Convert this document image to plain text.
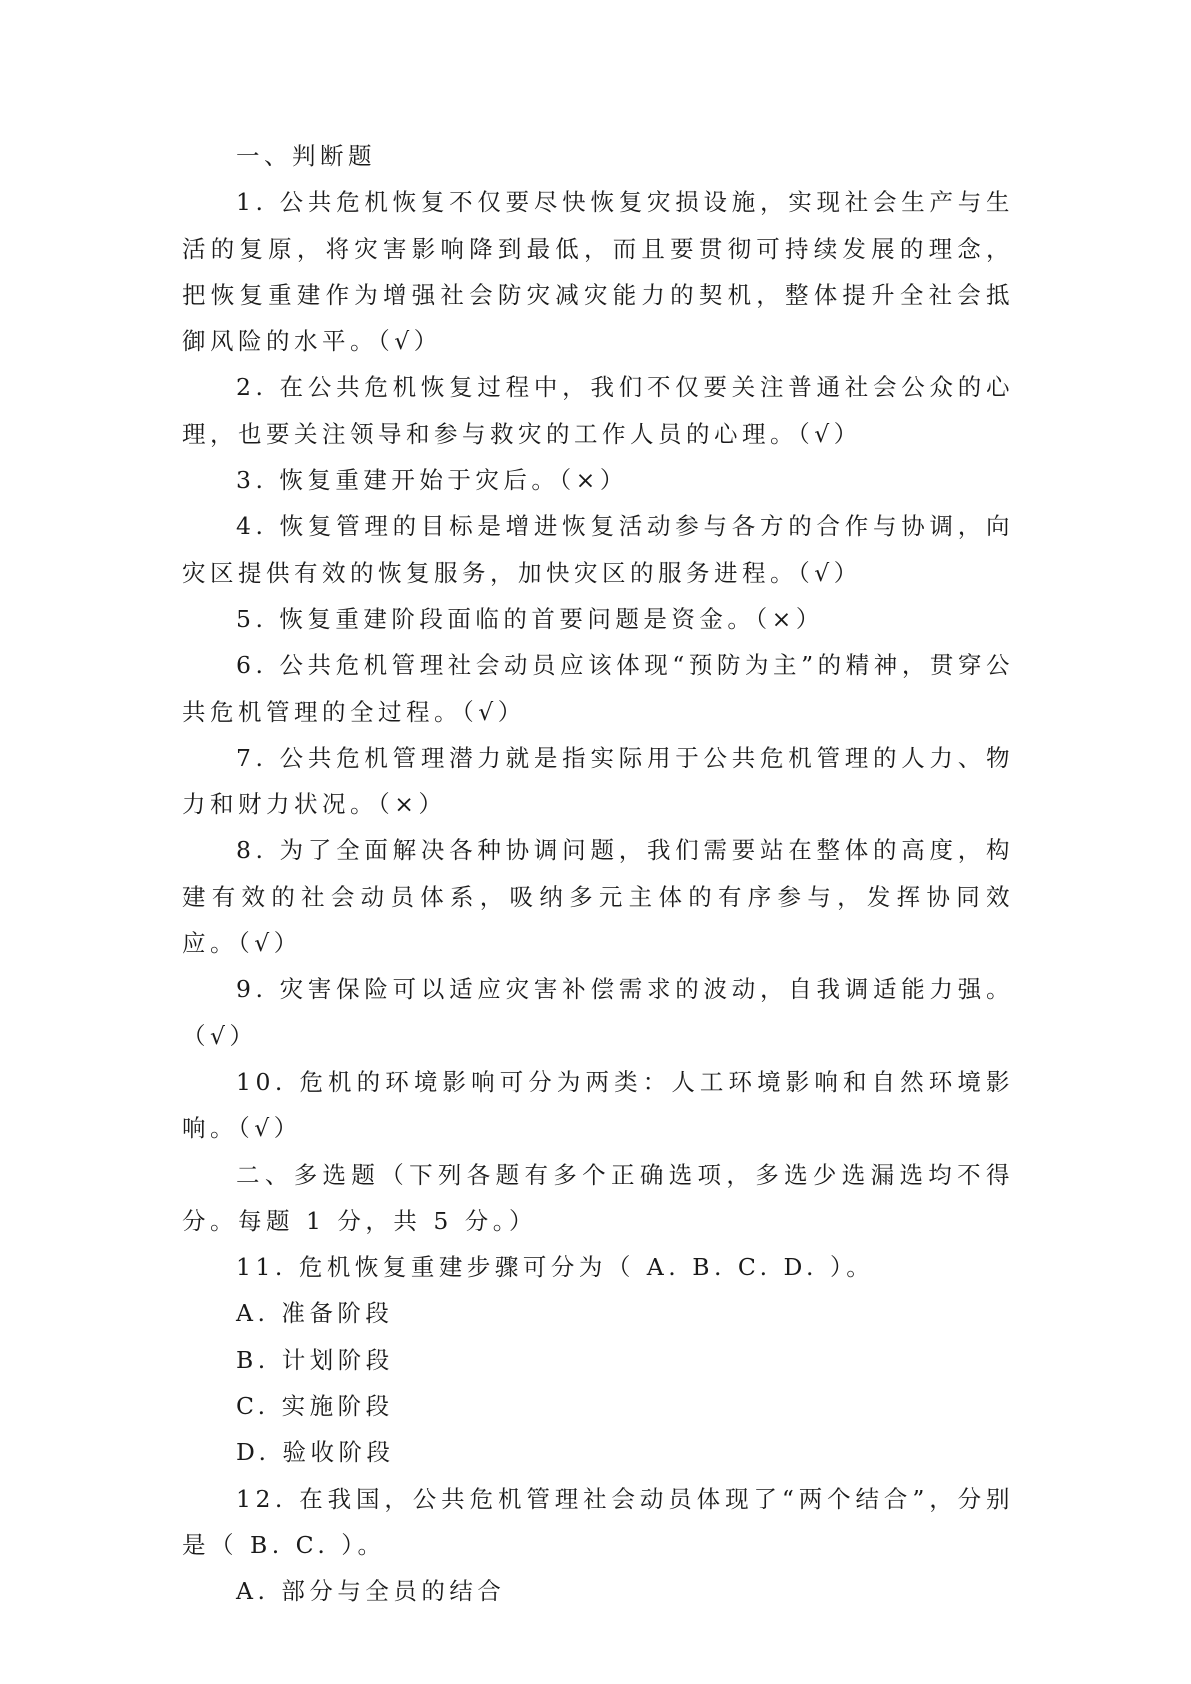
一、判断题

1. 公共危机恢复不仅要尽快恢复灾损设施，实现社会生产与生活的复原，将灾害影响降到最低，而且要贯彻可持续发展的理念，把恢复重建作为增强社会防灾减灾能力的契机，整体提升全社会抵御风险的水平。（√）

2. 在公共危机恢复过程中，我们不仅要关注普通社会公众的心理，也要关注领导和参与救灾的工作人员的心理。（√）

3. 恢复重建开始于灾后。（×）

4. 恢复管理的目标是增进恢复活动参与各方的合作与协调，向灾区提供有效的恢复服务，加快灾区的服务进程。（√）

5. 恢复重建阶段面临的首要问题是资金。（×）

6. 公共危机管理社会动员应该体现“预防为主”的精神，贯穿公共危机管理的全过程。（√）

7. 公共危机管理潜力就是指实际用于公共危机管理的人力、物力和财力状况。（×）

8. 为了全面解决各种协调问题，我们需要站在整体的高度，构建有效的社会动员体系，吸纳多元主体的有序参与，发挥协同效应。（√）

9. 灾害保险可以适应灾害补偿需求的波动，自我调适能力强。（√）

10. 危机的环境影响可分为两类：人工环境影响和自然环境影响。（√）

二、多选题（下列各题有多个正确选项，多选少选漏选均不得分。每题 1 分，共 5 分。）

11. 危机恢复重建步骤可分为（ A. B. C. D. ）。

A. 准备阶段

B. 计划阶段

C. 实施阶段

D. 验收阶段

12. 在我国，公共危机管理社会动员体现了“两个结合”，分别是（ B. C. ）。

A. 部分与全员的结合
